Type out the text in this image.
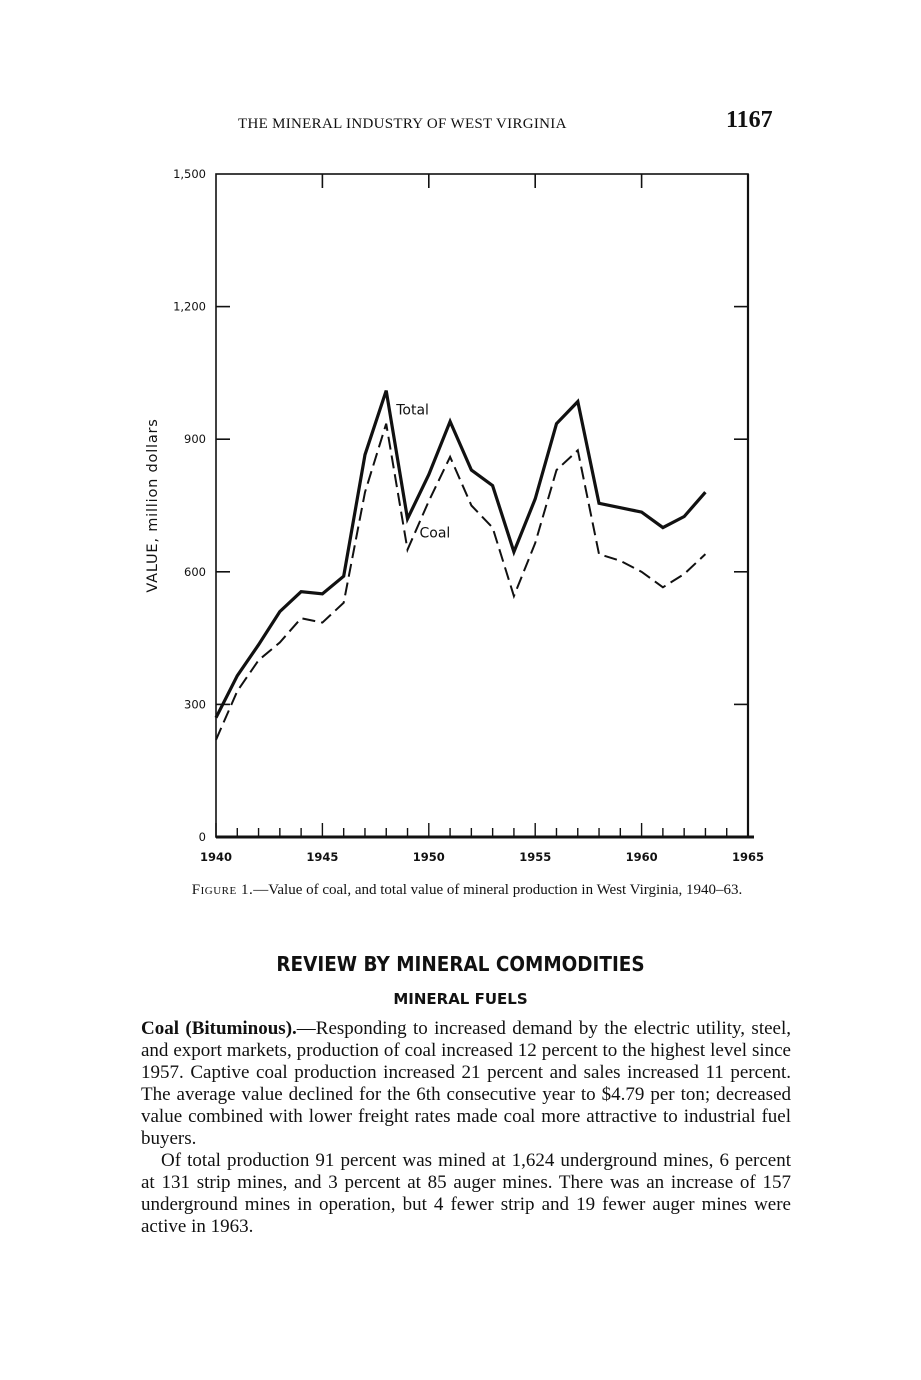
THE MINERAL INDUSTRY OF WEST VIRGINIA	1167
0
300
600
900
1,200
1,500
1940	1945	1950	1955	1960	1965
VALUE, million dollars
Total
Coal
Figure 1.—Value of coal, and total value of mineral production in West Virginia, 1940–63.
REVIEW BY MINERAL COMMODITIES
MINERAL FUELS

Coal (Bituminous).—Responding to increased demand by the electric utility, steel, and export markets, production of coal increased 12 percent to the highest level since 1957. Captive coal production increased 21 percent and sales increased 11 percent. The average value declined for the 6th consecutive year to $4.79 per ton; decreased value combined with lower freight rates made coal more attractive to industrial fuel buyers.

Of total production 91 percent was mined at 1,624 underground mines, 6 percent at 131 strip mines, and 3 percent at 85 auger mines. There was an increase of 157 underground mines in operation, but 4 fewer strip and 19 fewer auger mines were active in 1963.
